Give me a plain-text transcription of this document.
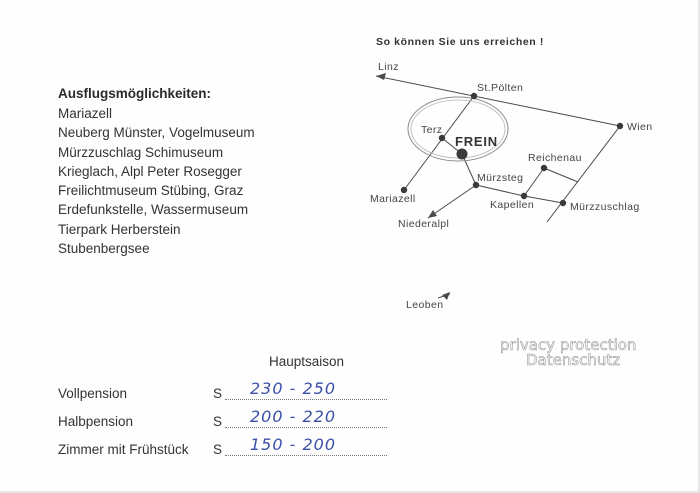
Ausflugsmöglichkeiten:
Mariazell
Neuberg Münster, Vogelmuseum
Mürzzuschlag Schimuseum
Krieglach, Alpl Peter Rosegger
Freilichtmuseum Stübing, Graz
Erdefunkstelle, Wassermuseum
Tierpark Herberstein
Stubenbergsee
So können Sie uns erreichen !
Linz
St.Pölten
Wien
Terz
FREIN
Reichenau
Mürzsteg
Mariazell	Kapellen	Mürzzuschlag
Niederalpl
Leoben
Hauptsaison
Vollpension	S 230 - 250
Halbpension	S 200 - 220
Zimmer mit Frühstück S 150 - 200
privacy protection
Datenschutz
